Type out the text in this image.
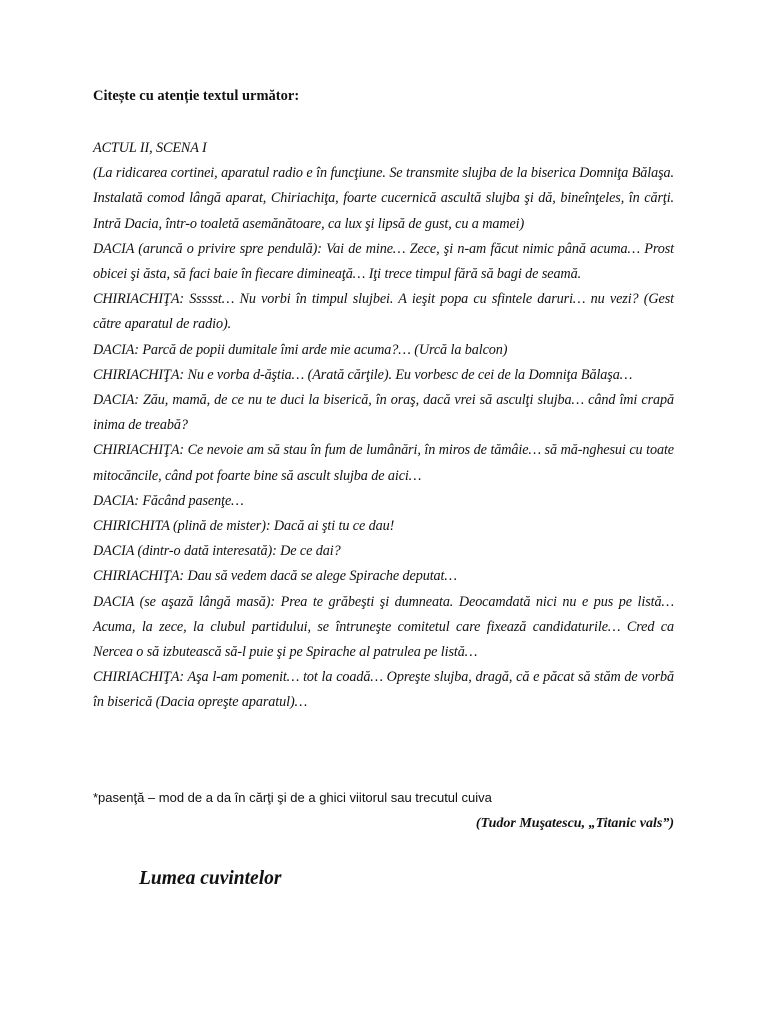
Citește cu atenție textul următor:

ACTUL II, SCENA I

(La ridicarea cortinei, aparatul radio e în funcţiune. Se transmite slujba de la biserica Domniţa Bălaşa. Instalată comod lângă aparat, Chiriachiţa, foarte cucernică ascultă slujba şi dă, bineînţeles, în cărţi. Intră Dacia, într-o toaletă asemănătoare, ca lux şi lipsă de gust, cu a mamei)

DACIA (aruncă o privire spre pendulă): Vai de mine… Zece, şi n-am făcut nimic până acuma… Prost obicei şi ăsta, să faci baie în fiecare dimineaţă… Iţi trece timpul fără să bagi de seamă.

CHIRIACHIŢA: Ssssst… Nu vorbi în timpul slujbei. A ieşit popa cu sfintele daruri… nu vezi? (Gest către aparatul de radio).

DACIA: Parcă de popii dumitale îmi arde mie acuma?… (Urcă la balcon)

CHIRIACHIŢA: Nu e vorba d-ăştia… (Arată cărţile). Eu vorbesc de cei de la Domniţa Bălaşa…

DACIA: Zău, mamă, de ce nu te duci la biserică, în oraş, dacă vrei să asculţi slujba… când îmi crapă inima de treabă?

CHIRIACHIŢA: Ce nevoie am să stau în fum de lumânări, în miros de tămâie… să mă-nghesui cu toate mitocăncile, când pot foarte bine să ascult slujba de aici…

DACIA: Făcând pasenţe…

CHIRICHITA (plină de mister): Dacă ai şti tu ce dau!

DACIA (dintr-o dată interesată): De ce dai?

CHIRIACHIŢA: Dau să vedem dacă se alege Spirache deputat…

DACIA (se aşază lângă masă): Prea te grăbeşti şi dumneata. Deocamdată nici nu e pus pe listă… Acuma, la zece, la clubul partidului, se întruneşte comitetul care fixează candidaturile… Cred ca Nercea o să izbutească să-l puie şi pe Spirache al patrulea pe listă…

CHIRIACHIŢA: Aşa l-am pomenit… tot la coadă… Opreşte slujba, dragă, că e păcat să stăm de vorbă în biserică (Dacia opreşte aparatul)…

*pasenţă – mod de a da în cărţi şi de a ghici viitorul sau trecutul cuiva
(Tudor Muşatescu, „Titanic vals”)
Lumea cuvintelor
